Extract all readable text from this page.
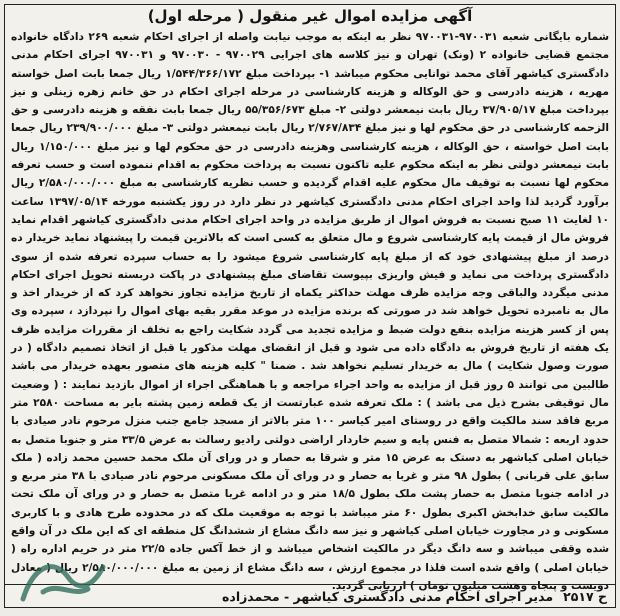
آگهی مزایده اموال غیر منقول ( مرحله اول)

شماره بایگانی شعبه ۹۷۰۰۳۱-۹۷۰۰۳۱ نظر به اینکه به موجب نیابت واصله از اجرای احکام شعبه ۲۶۹ دادگاه خانواده مجتمع قضایی خانواده ۲ (ونک) تهران و نیز کلاسه های اجرایی ۹۷۰۰۲۹ - ۹۷۰۰۳۰ و ۹۷۰۰۳۱ اجرای احکام مدنی دادگستری کیاشهر آقای محمد توانایی محکوم میباشد ۱- بپرداخت مبلغ ۱/۵۴۴/۳۶۶/۱۷۲ ریال جمعا بابت اصل خواسته مهریه ، هزینه دادرسی و حق الوکاله و هزینه کارشناسی در مرحله اجرای احکام در حق خانم زهره زینلی و نیز بپرداخت مبلغ ۳۷/۹۰۵/۱۷ ریال بابت نیمعشر دولتی ۲- مبلغ ۵۵/۳۵۶/۶۷۳ ریال جمعا بابت نفقه و هزینه دادرسی و حق الزحمه کارشناسی در حق محکوم لها و نیز مبلغ ۲/۷۶۷/۸۳۴ ریال بابت نیمعشر دولتی ۳- مبلغ ۲۳۹/۹۰۰/۰۰۰ ریال جمعا بابت اصل خواسته ، حق الوکاله ، هزینه کارشناسی وهزینه دادرسی در حق محکوم لها و نیز مبلغ ۱/۱۵۰/۰۰۰ ریال بابت نیمعشر دولتی نظر به اینکه محکوم علیه تاکنون نسبت به پرداخت محکوم به اقدام ننموده است و حسب تعرفه محکوم لها نسبت به توقیف مال محکوم علیه اقدام گردیده و حسب نظریه کارشناسی به مبلغ ۲/۵۸۰/۰۰۰/۰۰۰ ریال برآورد گردید لذا واحد اجرای احکام مدنی دادگستری کیاشهر در نظر دارد در روز یکشنبه مورخه ۱۳۹۷/۰۵/۱۴ ساعت ۱۰ لغایت ۱۱ صبح نسبت به فروش اموال از طریق مزایده در واحد اجرای احکام مدنی دادگستری کیاشهر اقدام نماید فروش مال از قیمت پایه کارشناسی شروع و مال متعلق به کسی است که بالاترین قیمت را پیشنهاد نماید خریدار ده درصد از مبلغ پیشنهادی خود که از مبلغ پایه کارشناسی شروع میشود را به حساب سپرده تعرفه شده از سوی دادگستری پرداخت می نماید و فیش واریزی بپیوست تقاضای مبلغ پیشنهادی در پاکت دربسته تحویل اجرای احکام مدنی میگردد والباقی وجه مزایده ظرف مهلت حداکثر یکماه از تاریخ مزایده تجاوز نخواهد کرد که از خریدار اخذ و مال به نامبرده تحویل خواهد شد در صورتی که برنده مزایده در موعد مقرر بقیه بهای اموال را نپردازد ، سپرده وی پس از کسر هزینه مزایده بنفع دولت ضبط و مزایده تجدید می گردد شکایت راجع به تخلف از مقررات مزایده ظرف یک هفته از تاریخ فروش به دادگاه داده می شود و قبل از انقضای مهلت مذکور یا قبل از اتخاذ تصمیم دادگاه ( در صورت وصول شکایت ) مال به خریدار تسلیم نخواهد شد . ضمنا " کلیه هزینه های متصور بعهده خریدار می باشد طالبین می توانند ۵ روز قبل از مزایده به واحد اجراء مراجعه و با هماهنگی اجراء از اموال بازدید نمایند : ( وضعیت مال توقیفی بشرح ذیل می باشد ) : ملک تعرفه شده عبارتست از یک قطعه زمین پشته بایر به مساحت ۲۵۸۰ متر مربع فاقد سند مالکیت واقع در روستای امیر کیاسر ۱۰۰ متر بالاتر از مسجد جامع جنب منزل مرحوم نادر صیادی با حدود اربعه : شمالا متصل به فنس پایه و سیم خاردار اراضی دولتی رادیو رسالت به عرض ۳۳/۵ متر و جنوبا متصل به خیابان اصلی کیاشهر به دستک به عرض ۱۵ متر و شرقا به حصار و در ورای آن ملک محمد حسین محمد زاده ( ملک سابق علی قربانی ) بطول ۹۸ متر و غربا به حصار و در ورای آن ملک مسکونی مرحوم نادر صیادی با ۳۸ متر مربع و در ادامه جنوبا متصل به حصار پشت ملک بطول ۱۸/۵ متر و در ادامه غربا متصل به حصار و در ورای آن ملک تحت مالکیت سابق خدابخش اکبری بطول ۶۰ متر میباشد با توجه به موقعیت ملک که در محدوده طرح هادی و با کاربری مسکونی و در مجاورت خیابان اصلی کیاشهر و نیز سه دانگ مشاع از ششدانگ کل منطقه ای که این ملک در آن واقع شده وقفی میباشد و سه دانگ دیگر در مالکیت اشخاص میباشد و از خط آکس جاده ۲۲/۵ متر در حریم اداره راه ( خیابان اصلی ) واقع شده است فلذا در مجموع ارزش ، سه دانگ مشاع از زمین به مبلغ ۲/۵۸۰/۰۰۰/۰۰۰ ریال ( معادل دویست و پنجاه وهشت میلیون تومان ) ارزیابی گردید.

ح ۲۵۱۷
مدیر اجرای احکام مدنی دادگستری کیاشهر - محمدزاده
